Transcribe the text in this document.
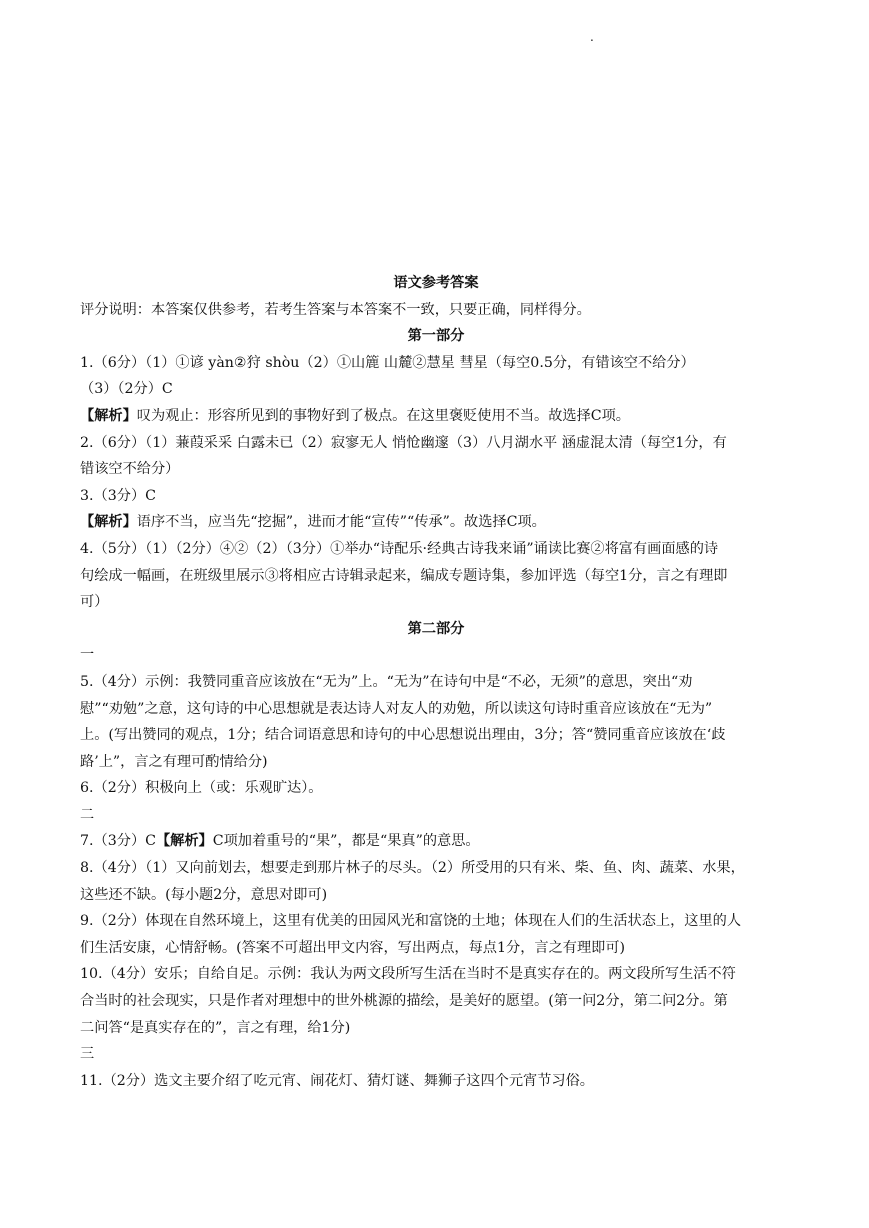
.

语文参考答案

评分说明：本答案仅供参考，若考生答案与本答案不一致，只要正确，同样得分。

第一部分

1.（6分）（1）①谚 yàn②狩 shòu（2）①山簏 山麓②慧星 彗星（每空0.5分，有错该空不给分）

（3）（2分）C

【解析】叹为观止：形容所见到的事物好到了极点。在这里褒贬使用不当。故选择C项。

2.（6分）（1）蒹葭采采 白露未已（2）寂寥无人 悄怆幽邃（3）八月湖水平 涵虚混太清（每空1分，有

错该空不给分）

3.（3分）C

【解析】语序不当，应当先“挖掘”，进而才能“宣传”“传承”。故选择C项。

4.（5分）（1）（2分）④②（2）（3分）①举办“诗配乐·经典古诗我来诵”诵读比赛②将富有画面感的诗

句绘成一幅画，在班级里展示③将相应古诗辑录起来，编成专题诗集，参加评选（每空1分，言之有理即

可）

第二部分

一

5.（4分）示例：我赞同重音应该放在“无为”上。“无为”在诗句中是“不必，无须”的意思，突出“劝

慰”“劝勉”之意，这句诗的中心思想就是表达诗人对友人的劝勉，所以读这句诗时重音应该放在“无为”

上。(写出赞同的观点，1分；结合词语意思和诗句的中心思想说出理由，3分；答“赞同重音应该放在‘歧

路’上”，言之有理可酌情给分)

6.（2分）积极向上（或：乐观旷达）。

二

7.（3分）C【解析】C项加着重号的“果”，都是“果真”的意思。

8.（4分）（1）又向前划去，想要走到那片林子的尽头。（2）所受用的只有米、柴、鱼、肉、蔬菜、水果，

这些还不缺。(每小题2分，意思对即可)

9.（2分）体现在自然环境上，这里有优美的田园风光和富饶的土地；体现在人们的生活状态上，这里的人

们生活安康，心情舒畅。(答案不可超出甲文内容，写出两点，每点1分，言之有理即可)

10.（4分）安乐；自给自足。示例：我认为两文段所写生活在当时不是真实存在的。两文段所写生活不符

合当时的社会现实，只是作者对理想中的世外桃源的描绘，是美好的愿望。(第一问2分，第二问2分。第

二问答“是真实存在的”，言之有理，给1分)

三

11.（2分）选文主要介绍了吃元宵、闹花灯、猜灯谜、舞狮子这四个元宵节习俗。
